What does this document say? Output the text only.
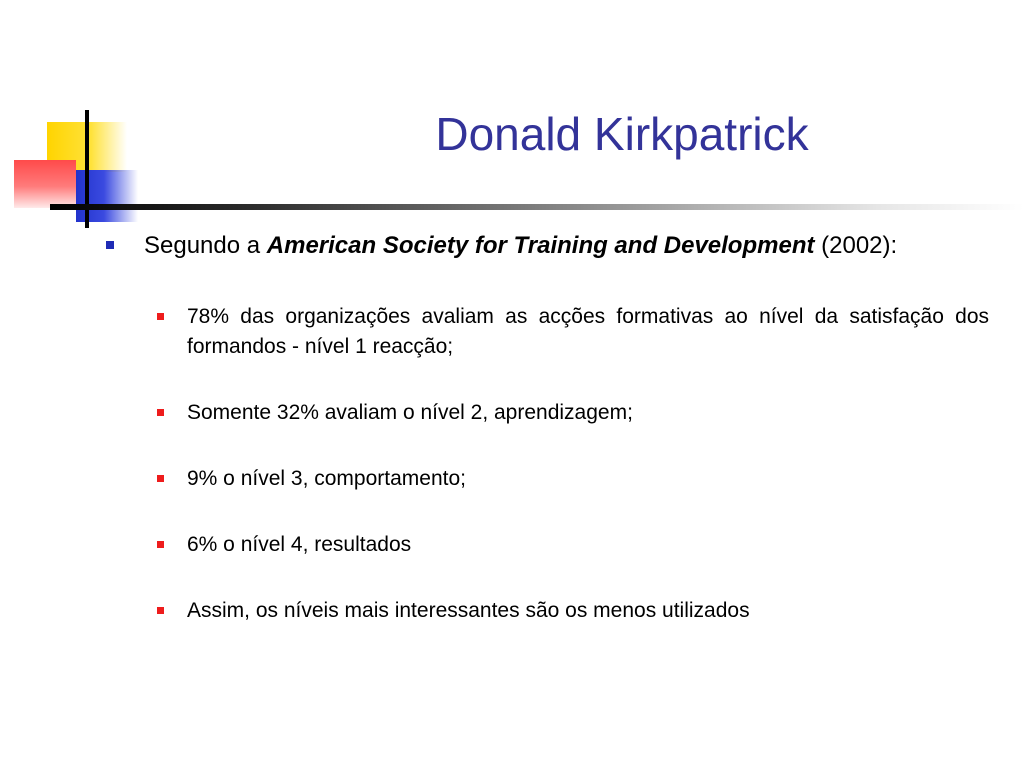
Donald Kirkpatrick
Segundo a American Society for Training and Development (2002):
78% das organizações avaliam as acções formativas ao nível da satisfação dos formandos - nível 1 reacção;
Somente 32% avaliam o nível 2, aprendizagem;
9% o nível 3, comportamento;
6% o nível 4, resultados
Assim, os níveis mais interessantes são os menos utilizados
